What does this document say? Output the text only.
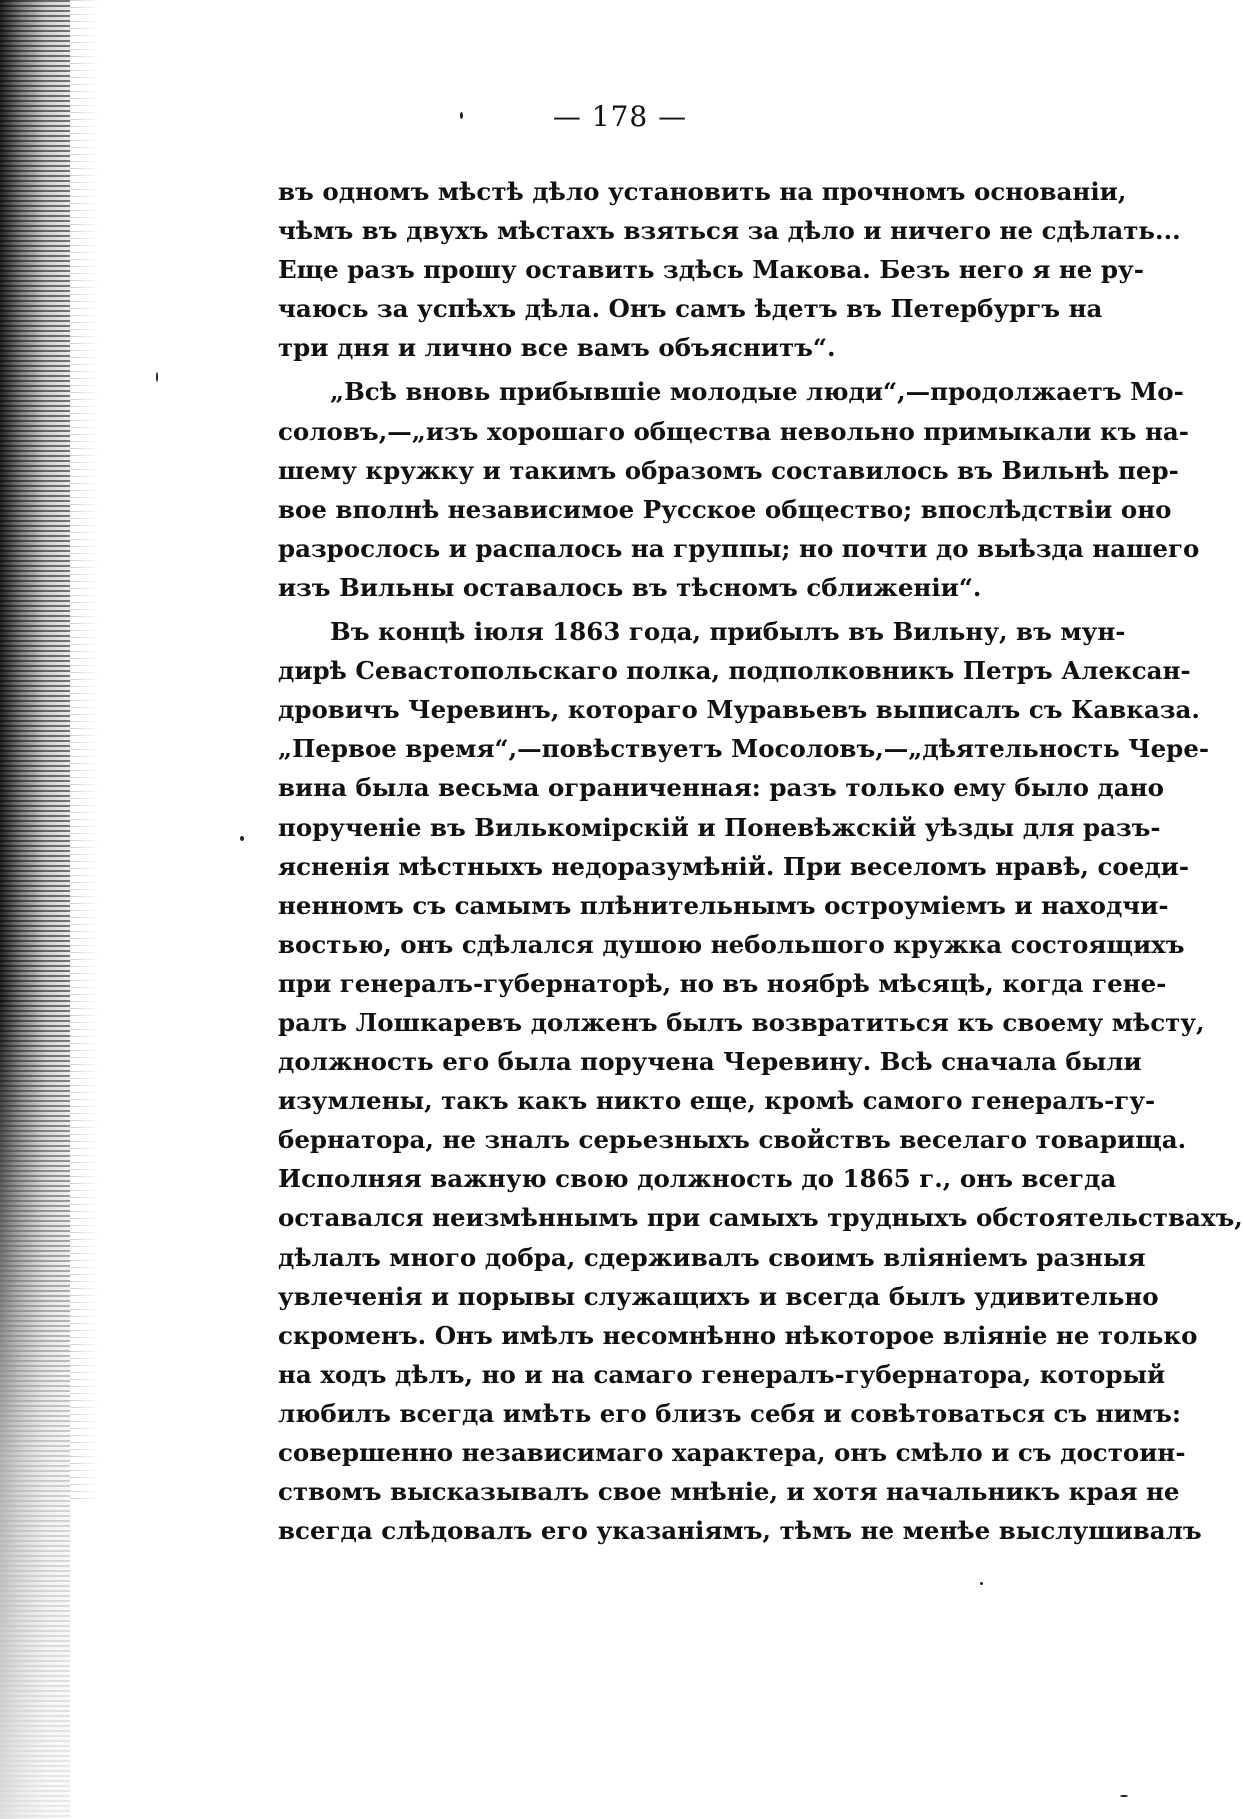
— 178 —
въ одномъ мѣстѣ дѣло установить на прочномъ основаніи,
чѣмъ въ двухъ мѣстахъ взяться за дѣло и ничего не сдѣлать...
Еще разъ прошу оставить здѣсь Макова. Безъ него я не ру-
чаюсь за успѣхъ дѣла. Онъ самъ ѣдетъ въ Петербургъ на
три дня и лично все вамъ объяснитъ“.
„Всѣ вновь прибывшіе молодые люди“,—продолжаетъ Мо-
соловъ,—„изъ хорошаго общества невольно примыкали къ на-
шему кружку и такимъ образомъ составилось въ Вильнѣ пер-
вое вполнѣ независимое Русское общество; впослѣдствіи оно
разрослось и распалось на группы; но почти до выѣзда нашего
изъ Вильны оставалось въ тѣсномъ сближеніи“.
Въ концѣ іюля 1863 года, прибылъ въ Вильну, въ мун-
дирѣ Севастопольскаго полка, подполковникъ Петръ Алексан-
дровичъ Черевинъ, котораго Муравьевъ выписалъ съ Кавказа.
„Первое время“,—повѣствуетъ Мосоловъ,—„дѣятельность Чере-
вина была весьма ограниченная: разъ только ему было дано
порученіе въ Вилькомірскій и Поневѣжскій уѣзды для разъ-
ясненія мѣстныхъ недоразумѣній. При веселомъ нравѣ, соеди-
ненномъ съ самымъ плѣнительнымъ остроуміемъ и находчи-
востью, онъ сдѣлался душою небольшого кружка состоящихъ
при генералъ-губернаторѣ, но въ ноябрѣ мѣсяцѣ, когда гене-
ралъ Лошкаревъ долженъ былъ возвратиться къ своему мѣсту,
должность его была поручена Черевину. Всѣ сначала были
изумлены, такъ какъ никто еще, кромѣ самого генералъ-гу-
бернатора, не зналъ серьезныхъ свойствъ веселаго товарища.
Исполняя важную свою должность до 1865 г., онъ всегда
оставался неизмѣннымъ при самыхъ трудныхъ обстоятельствахъ,
дѣлалъ много добра, сдерживалъ своимъ вліяніемъ разныя
увлеченія и порывы служащихъ и всегда былъ удивительно
скроменъ. Онъ имѣлъ несомнѣнно нѣкоторое вліяніе не только
на ходъ дѣлъ, но и на самаго генералъ-губернатора, который
любилъ всегда имѣть его близъ себя и совѣтоваться съ нимъ:
совершенно независимаго характера, онъ смѣло и съ достоин-
ствомъ высказывалъ свое мнѣніе, и хотя начальникъ края не
всегда слѣдовалъ его указаніямъ, тѣмъ не менѣе выслушивалъ
